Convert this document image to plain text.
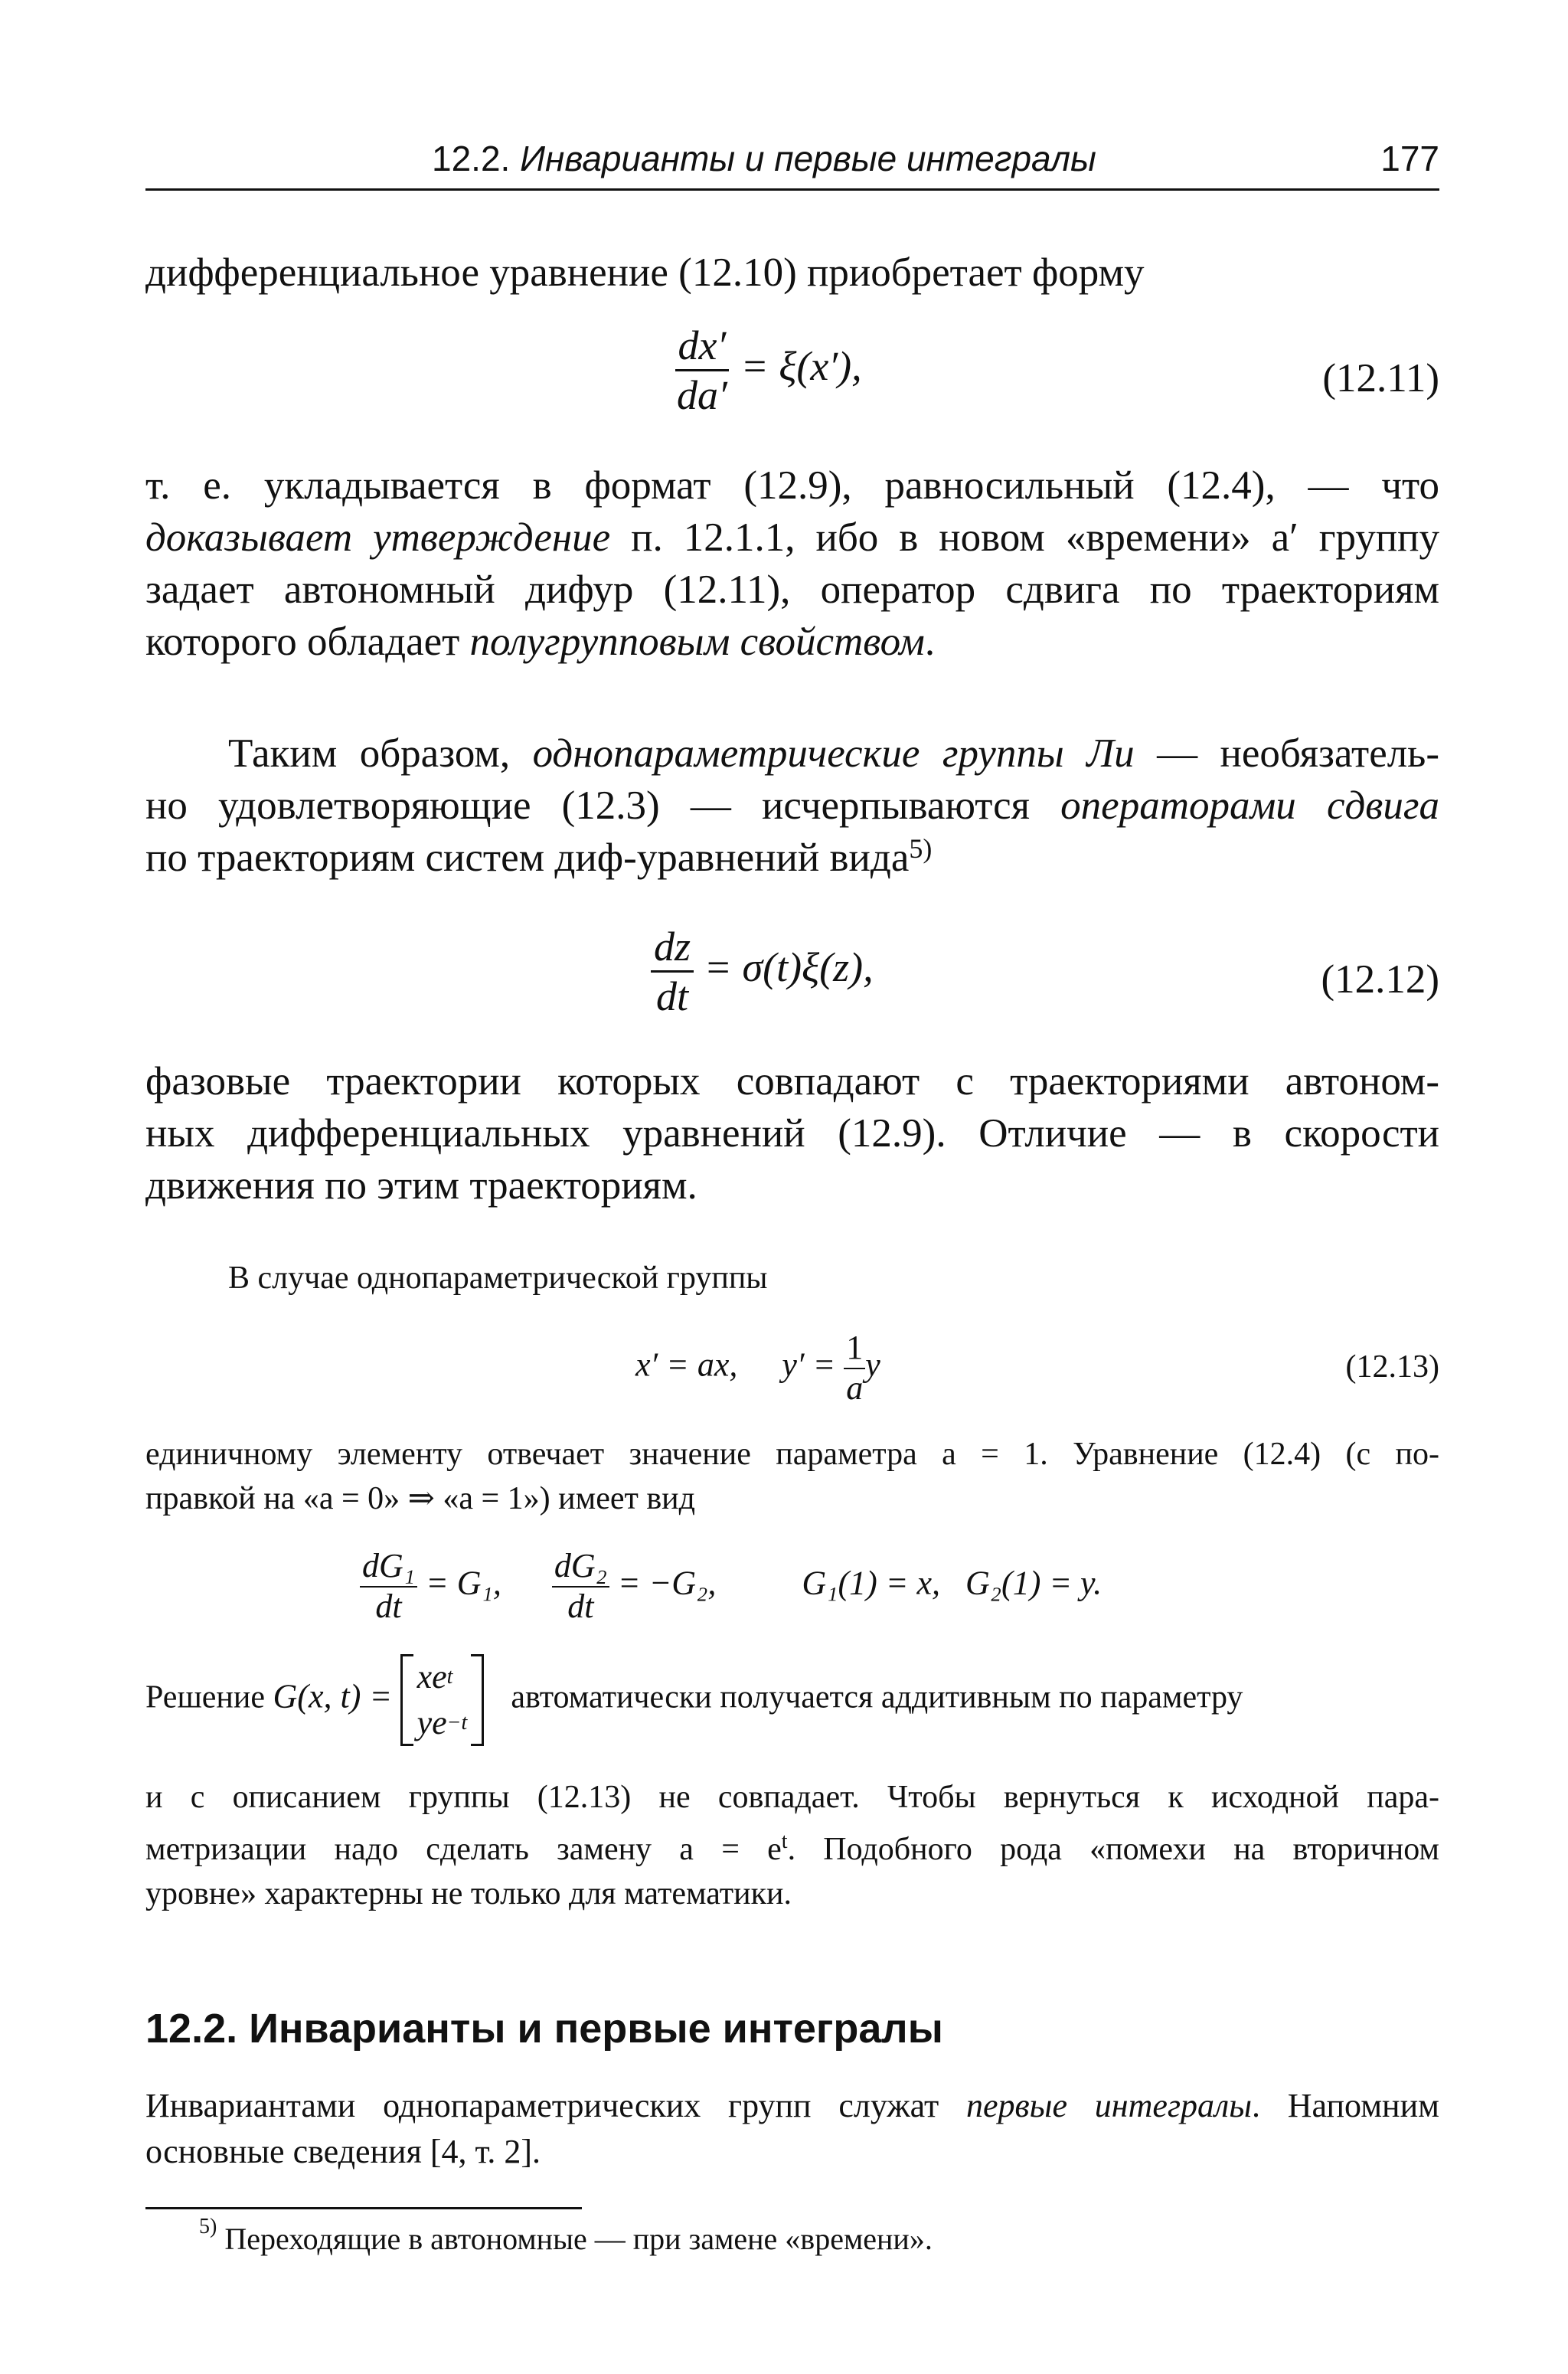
12.2. Инварианты и первые интегралы	177
дифференциальное уравнение (12.10) приобретает форму
$\frac{dx'}{da'} = \xi(x')$,	(12.11)
т. е. укладывается в формат (12.9), равносильный (12.4), — что
доказывает утверждение п. 12.1.1, ибо в новом «времени» a′ группу
задает автономный дифур (12.11), оператор сдвига по траекториям
которого обладает полугрупповым свойством.
Таким образом, однопараметрические группы Ли — необязатель-
но удовлетворяющие (12.3) — исчерпываются операторами сдвига
по траекториям систем диф-уравнений вида$^{5)}$
$\frac{dz}{dt} = \sigma(t)\xi(z)$,	(12.12)
фазовые траектории которых совпадают с траекториями автоном-
ных дифференциальных уравнений (12.9). Отличие — в скорости
движения по этим траекториям.
В случае однопараметрической группы
x′ = ax, $y' = \frac{1}{a}$ y	(12.13)
единичному элементу отвечает значение параметра a = 1. Уравнение (12.4) (с по-
правкой на «a = 0» ⇒ «a = 1») имеет вид
$\frac{\text{dG₁}}{dt} = G_1$, $\frac{\text{dG₂}}{dt} = -G_2$,	G₁(1) = x,   G₂(1) = y.
Решение G(x, t) =
$xe^t$
$ye^{-t}$
автоматически получается аддитивным по параметру
и с описанием группы (12.13) не совпадает. Чтобы вернуться к исходной пара-
метризации надо сделать замену $a = e^t$. Подобного рода «помехи на вторичном
уровне» характерны не только для математики.
12.2. Инварианты и первые интегралы
Инвариантами однопараметрических групп служат первые интегралы. Напомним
основные сведения [4, т. 2].
$^{5)}$ Переходящие в автономные — при замене «времени».
